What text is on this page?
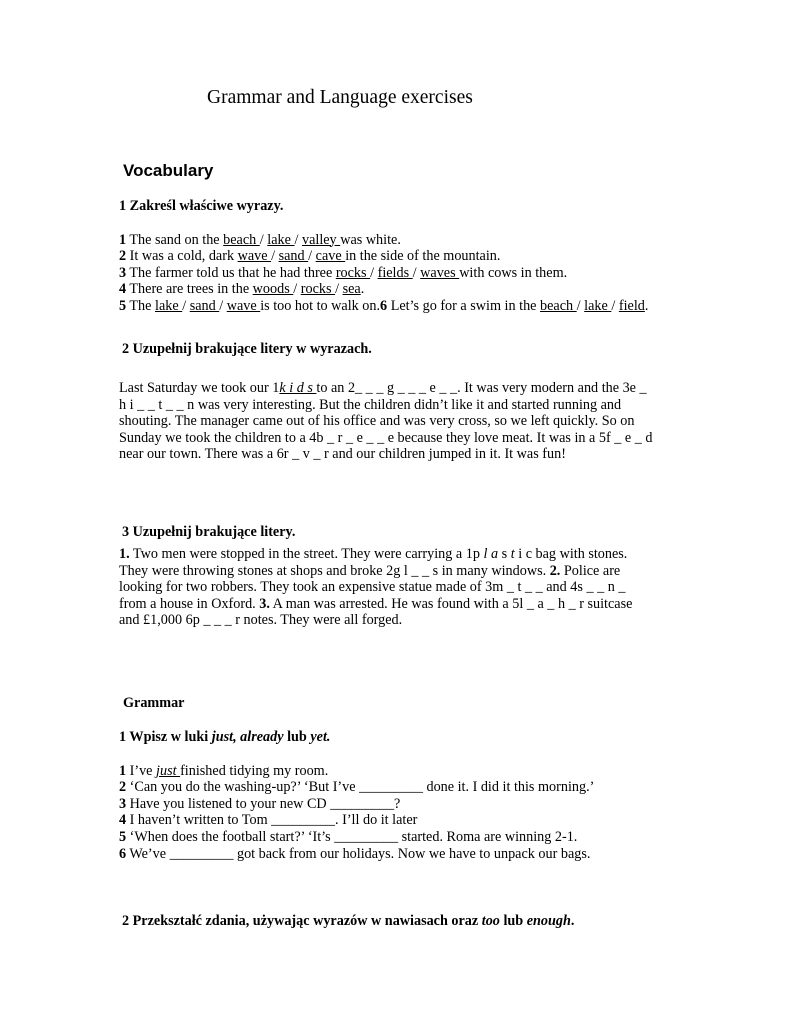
Grammar and Language exercises
Vocabulary
1 Zakreśl właściwe wyrazy.
1 The sand on the beach / lake / valley was white.
2 It was a cold, dark wave / sand / cave in the side of the mountain.
3 The farmer told us that he had three rocks / fields / waves with cows in them.
4 There are trees in the woods / rocks / sea.
5 The lake / sand / wave is too hot to walk on.6 Let’s go for a swim in the beach / lake / field.
2 Uzupełnij brakujące litery w wyrazach.
Last Saturday we took our 1k i d s to an 2_ _ _ g _ _ _ e _ _. It was very modern and the 3e _
h i _ _ t _ _ n was very interesting. But the children didn’t like it and started running and
shouting. The manager came out of his office and was very cross, so we left quickly. So on
Sunday we took the children to a 4b _ r _ e _ _ e because they love meat. It was in a 5f _ e _ d
near our town. There was a 6r _ v _ r and our children jumped in it. It was fun!
3 Uzupełnij brakujące litery.
1. Two men were stopped in the street. They were carrying a 1p l a s t i c bag with stones.
They were throwing stones at shops and broke 2g l _ _ s in many windows. 2. Police are
looking for two robbers. They took an expensive statue made of 3m _ t _ _ and 4s _ _ n _
from a house in Oxford. 3. A man was arrested. He was found with a 5l _ a _ h _ r suitcase
and £1,000 6p _ _ _ r notes. They were all forged.
Grammar
1 Wpisz w luki just, already lub yet.
1 I’ve just finished tidying my room.
2 ‘Can you do the washing-up?’ ‘But I’ve _________ done it. I did it this morning.’
3 Have you listened to your new CD _________?
4 I haven’t written to Tom _________. I’ll do it later
5 ‘When does the football start?’ ‘It’s _________ started. Roma are winning 2-1.
6 We’ve _________ got back from our holidays. Now we have to unpack our bags.
2 Przekształć zdania, używając wyrazów w nawiasach oraz too lub enough.
